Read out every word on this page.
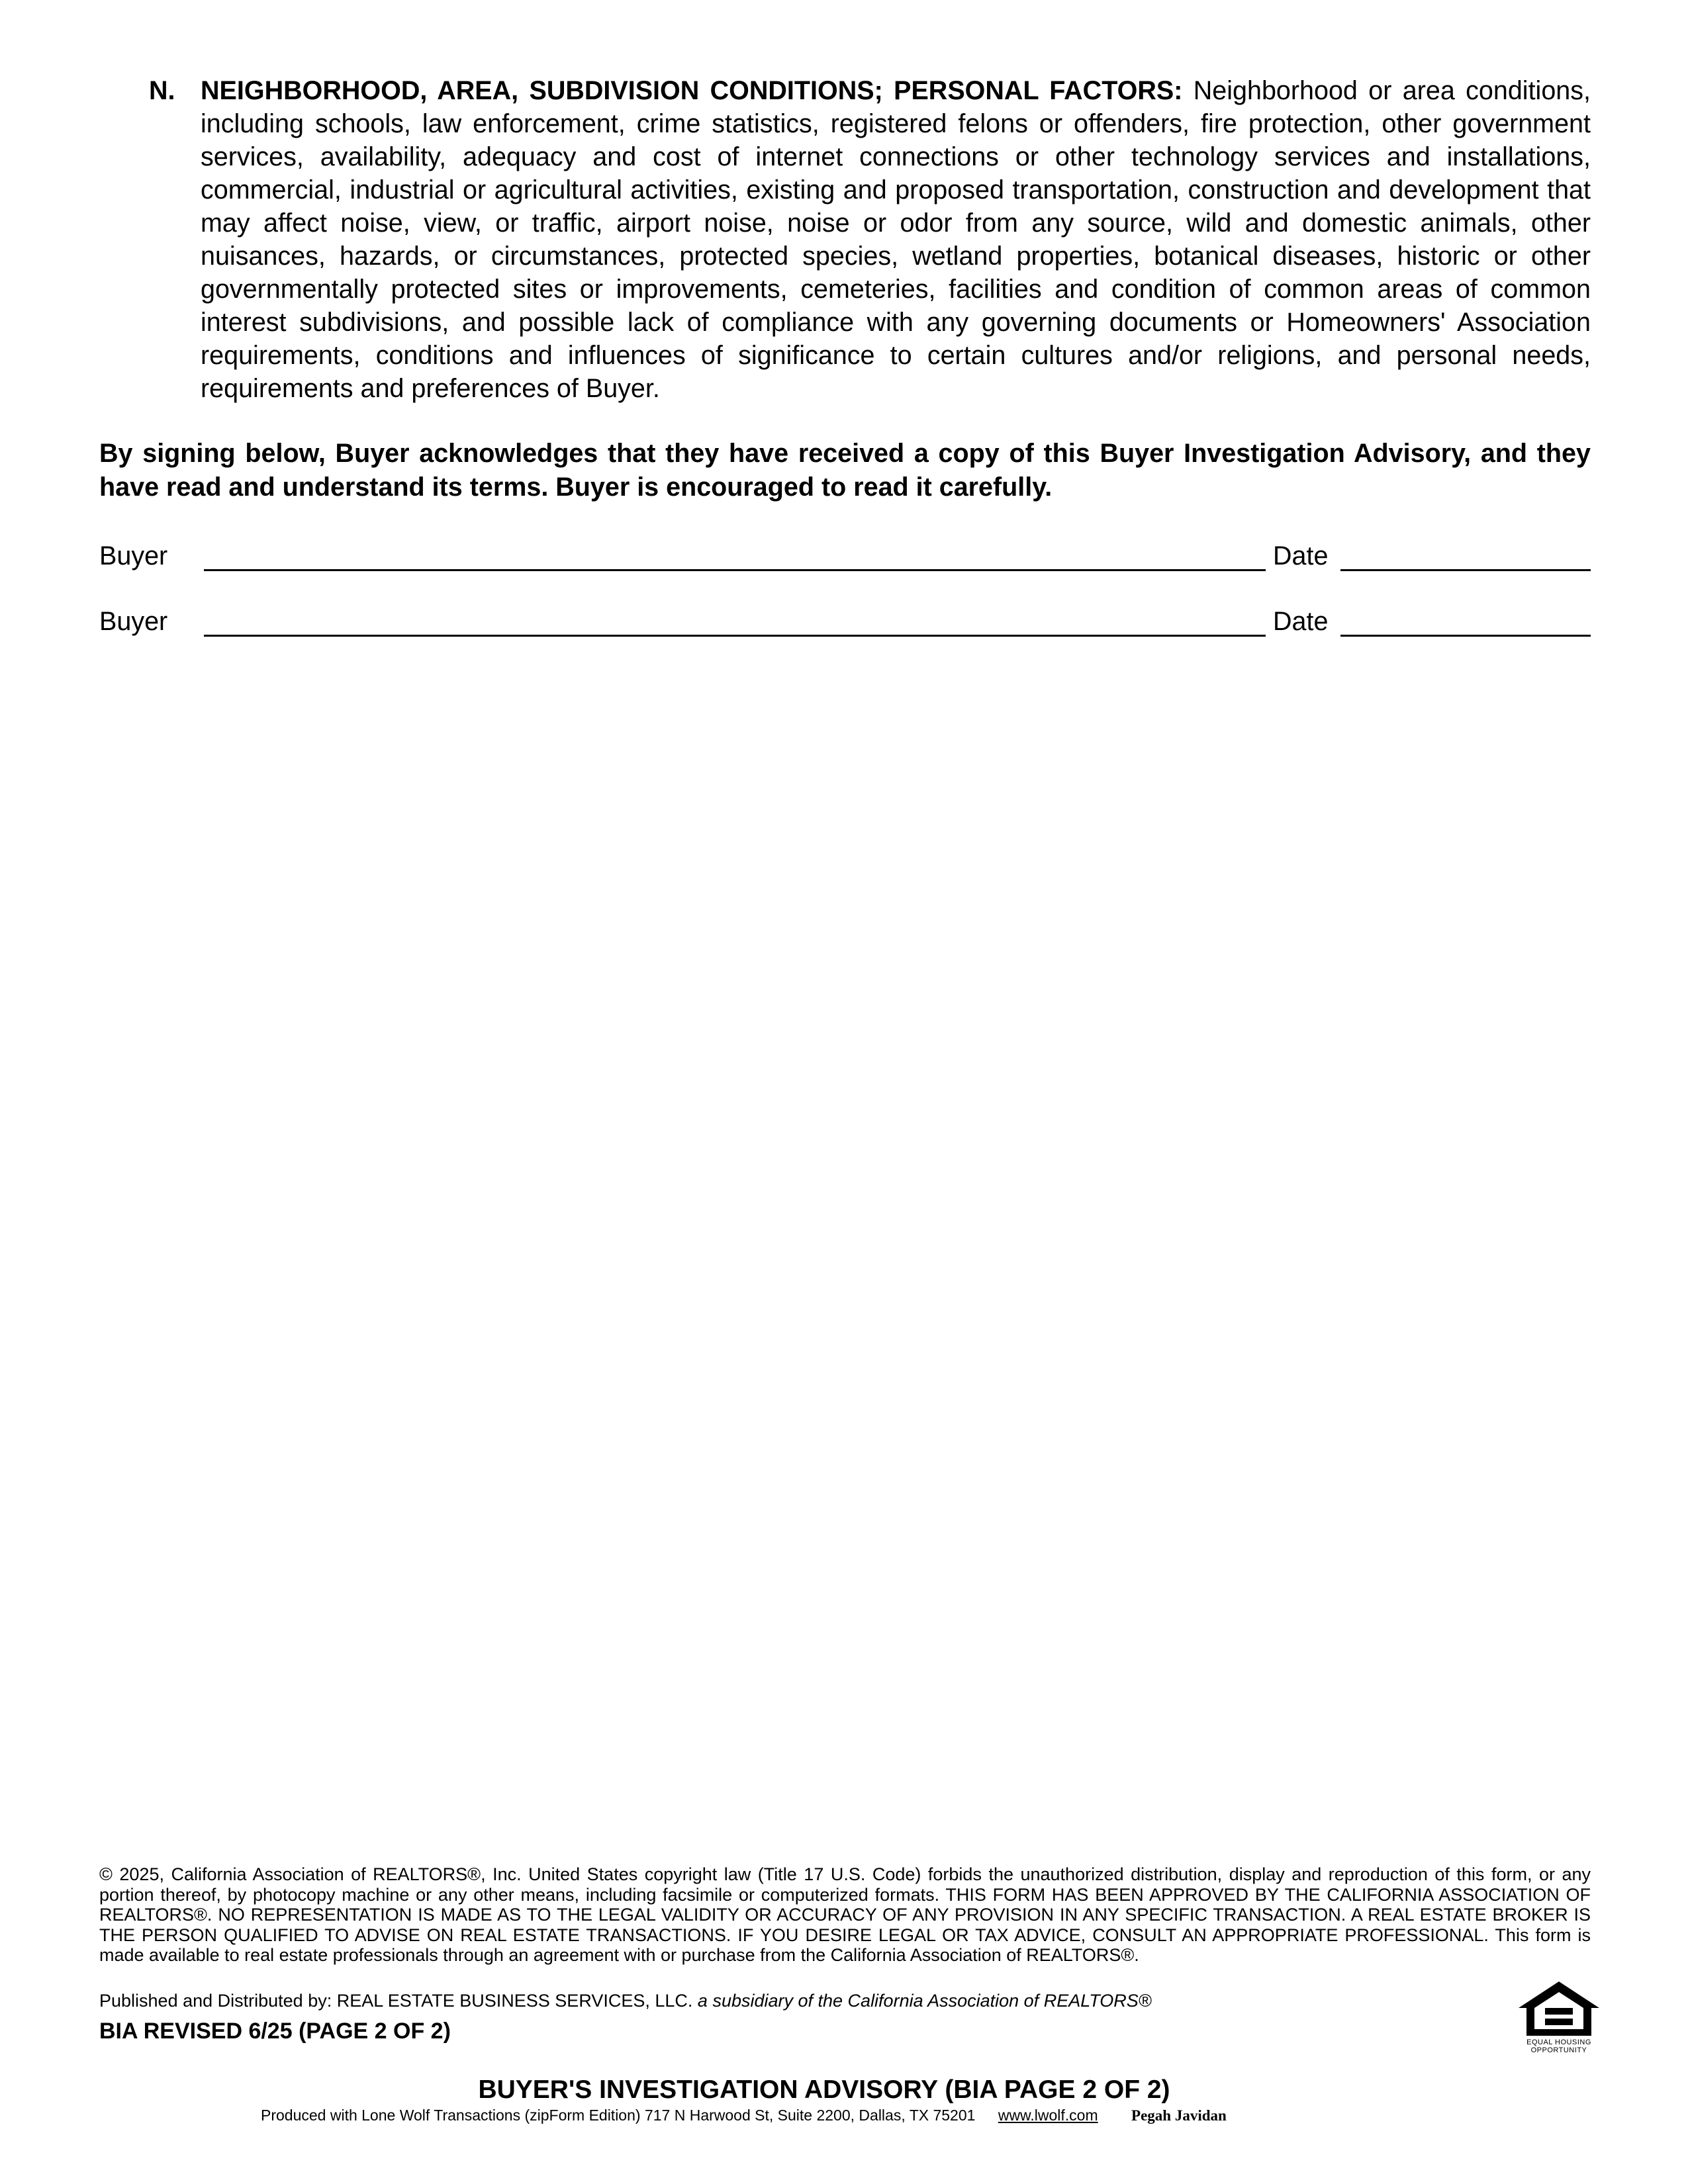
N. NEIGHBORHOOD, AREA, SUBDIVISION CONDITIONS; PERSONAL FACTORS: Neighborhood or area conditions, including schools, law enforcement, crime statistics, registered felons or offenders, fire protection, other government services, availability, adequacy and cost of internet connections or other technology services and installations, commercial, industrial or agricultural activities, existing and proposed transportation, construction and development that may affect noise, view, or traffic, airport noise, noise or odor from any source, wild and domestic animals, other nuisances, hazards, or circumstances, protected species, wetland properties, botanical diseases, historic or other governmentally protected sites or improvements, cemeteries, facilities and condition of common areas of common interest subdivisions, and possible lack of compliance with any governing documents or Homeowners' Association requirements, conditions and influences of significance to certain cultures and/or religions, and personal needs, requirements and preferences of Buyer.
By signing below, Buyer acknowledges that they have received a copy of this Buyer Investigation Advisory, and they have read and understand its terms. Buyer is encouraged to read it carefully.
Buyer	Date
Buyer	Date
© 2025, California Association of REALTORS®, Inc. United States copyright law (Title 17 U.S. Code) forbids the unauthorized distribution, display and reproduction of this form, or any portion thereof, by photocopy machine or any other means, including facsimile or computerized formats. THIS FORM HAS BEEN APPROVED BY THE CALIFORNIA ASSOCIATION OF REALTORS®. NO REPRESENTATION IS MADE AS TO THE LEGAL VALIDITY OR ACCURACY OF ANY PROVISION IN ANY SPECIFIC TRANSACTION. A REAL ESTATE BROKER IS THE PERSON QUALIFIED TO ADVISE ON REAL ESTATE TRANSACTIONS. IF YOU DESIRE LEGAL OR TAX ADVICE, CONSULT AN APPROPRIATE PROFESSIONAL. This form is made available to real estate professionals through an agreement with or purchase from the California Association of REALTORS®.
Published and Distributed by: REAL ESTATE BUSINESS SERVICES, LLC. a subsidiary of the California Association of REALTORS®
BIA REVISED 6/25 (PAGE 2 OF 2)	EQUAL HOUSING
OPPORTUNITY
BUYER'S INVESTIGATION ADVISORY (BIA PAGE 2 OF 2)
Produced with Lone Wolf Transactions (zipForm Edition) 717 N Harwood St, Suite 2200, Dallas, TX 75201 www.lwolf.com Pegah Javidan
